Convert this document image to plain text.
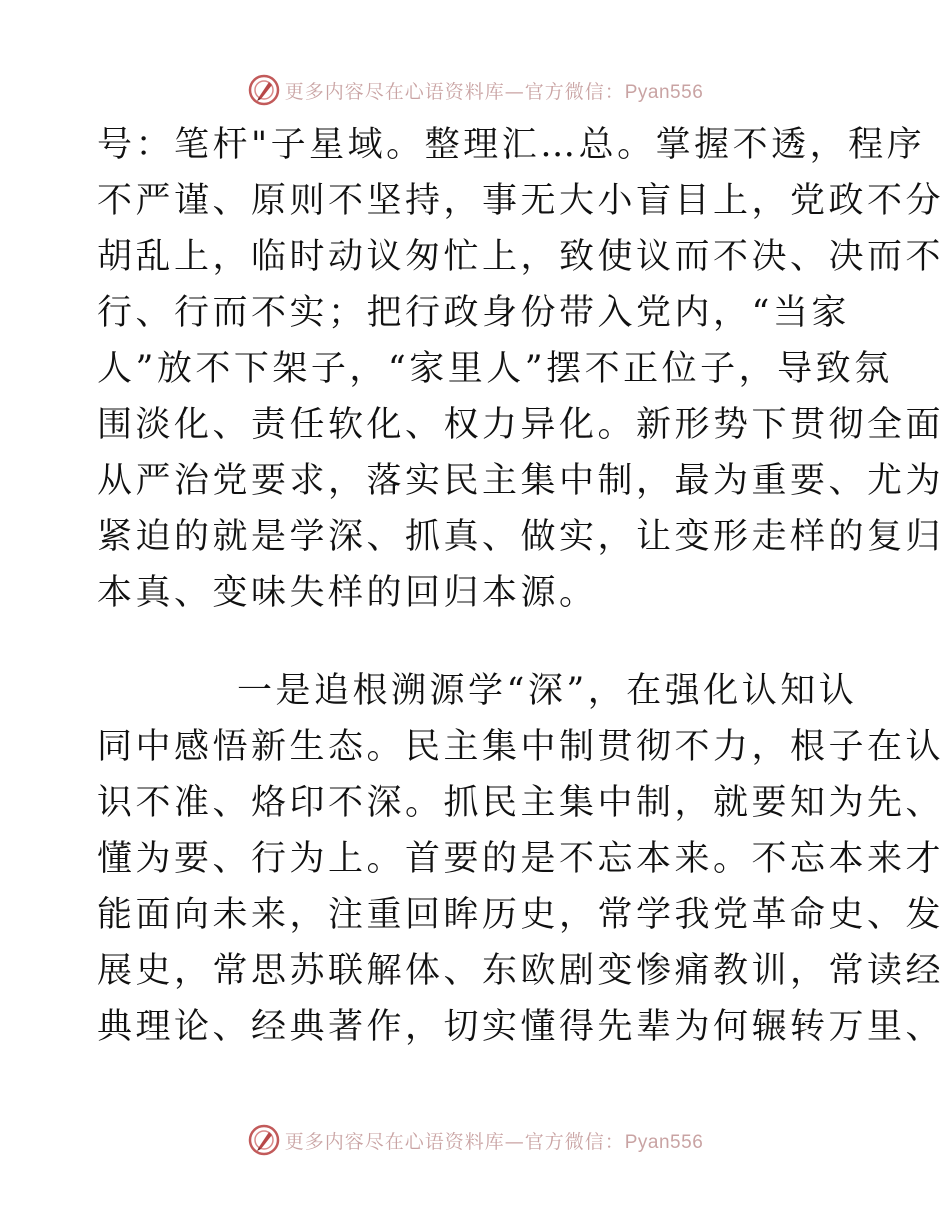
更多内容尽在心语资料库—官方微信：Pyan556
号：笔杆"子星域。整理汇…总。掌握不透，程序
不严谨、原则不坚持，事无大小盲目上，党政不分
胡乱上，临时动议匆忙上，致使议而不决、决而不
行、行而不实；把行政身份带入党内，“当家
人”放不下架子，“家里人”摆不正位子，导致氛
围淡化、责任软化、权力异化。新形势下贯彻全面
从严治党要求，落实民主集中制，最为重要、尤为
紧迫的就是学深、抓真、做实，让变形走样的复归
本真、变味失样的回归本源。
一是追根溯源学“深”，在强化认知认
同中感悟新生态。民主集中制贯彻不力，根子在认
识不准、烙印不深。抓民主集中制，就要知为先、
懂为要、行为上。首要的是不忘本来。不忘本来才
能面向未来，注重回眸历史，常学我党革命史、发
展史，常思苏联解体、东欧剧变惨痛教训，常读经
典理论、经典著作，切实懂得先辈为何辗转万里、
更多内容尽在心语资料库—官方微信：Pyan556
